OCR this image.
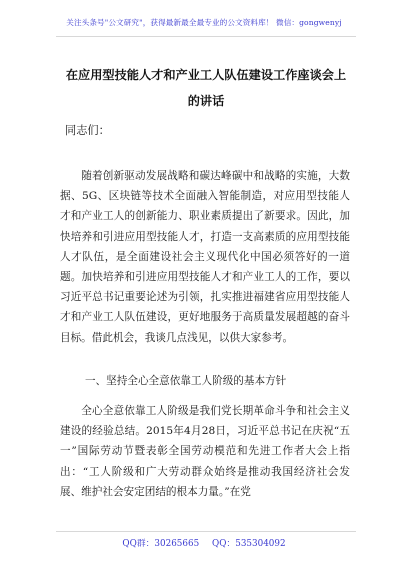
关注头条号"公文研究"，获得最新最全最专业的公文资料库！ 微信：gongwenyj
在应用型技能人才和产业工人队伍建设工作座谈会上的讲话
同志们：

随着创新驱动发展战略和碳达峰碳中和战略的实施，大数据、5G、区块链等技术全面融入智能制造，对应用型技能人才和产业工人的创新能力、职业素质提出了新要求。因此，加快培养和引进应用型技能人才，打造一支高素质的应用型技能人才队伍，是全面建设社会主义现代化中国必须答好的一道题。加快培养和引进应用型技能人才和产业工人的工作，要以习近平总书记重要论述为引领，扎实推进福建省应用型技能人才和产业工人队伍建设，更好地服务于高质量发展超越的奋斗目标。借此机会，我谈几点浅见，以供大家参考。

一、坚持全心全意依靠工人阶级的基本方针

全心全意依靠工人阶级是我们党长期革命斗争和社会主义建设的经验总结。2015年4月28日，习近平总书记在庆祝“五一”国际劳动节暨表彰全国劳动模范和先进工作者大会上指出：“工人阶级和广大劳动群众始终是推动我国经济社会发展、维护社会安定团结的根本力量。”在党

QQ群：30265665 QQ：535304092
